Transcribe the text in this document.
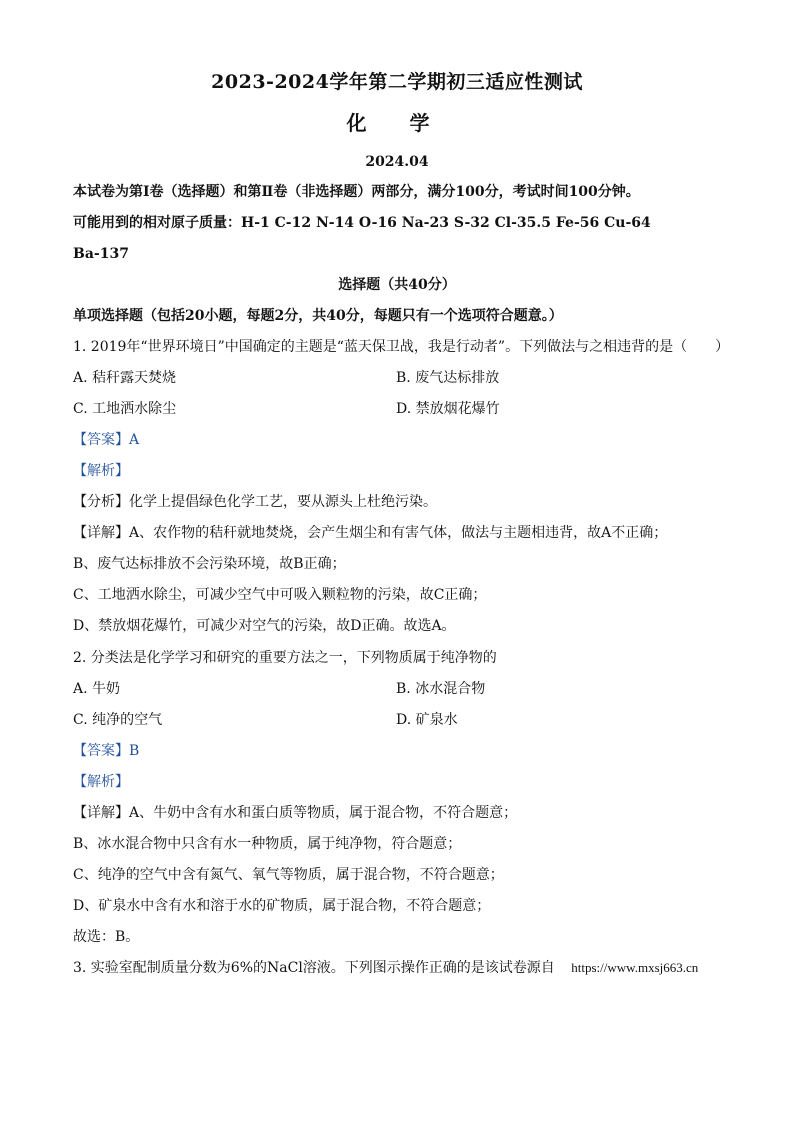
2023-2024学年第二学期初三适应性测试
化 学
2024.04
本试卷为第Ⅰ卷（选择题）和第Ⅱ卷（非选择题）两部分，满分100分，考试时间100分钟。
可能用到的相对原子质量：H-1 C-12 N-14 O-16 Na-23 S-32 Cl-35.5 Fe-56 Cu-64
Ba-137
选择题（共40分）
单项选择题（包括20小题，每题2分，共40分，每题只有一个选项符合题意。）
1. 2019年“世界环境日”中国确定的主题是“蓝天保卫战，我是行动者”。下列做法与之相违背的是（　　）
A. 秸秆露天焚烧	B. 废气达标排放
C. 工地洒水除尘	D. 禁放烟花爆竹
【答案】A
【解析】
【分析】化学上提倡绿色化学工艺，要从源头上杜绝污染。
【详解】A、农作物的秸秆就地焚烧，会产生烟尘和有害气体，做法与主题相违背，故A不正确；
B、废气达标排放不会污染环境，故B正确；
C、工地洒水除尘，可减少空气中可吸入颗粒物的污染，故C正确；
D、禁放烟花爆竹，可减少对空气的污染，故D正确。故选A。
2. 分类法是化学学习和研究的重要方法之一，下列物质属于纯净物的
A. 牛奶	B. 冰水混合物
C. 纯净的空气	D. 矿泉水
【答案】B
【解析】
【详解】A、牛奶中含有水和蛋白质等物质，属于混合物，不符合题意；
B、冰水混合物中只含有水一种物质，属于纯净物，符合题意；
C、纯净的空气中含有氮气、氧气等物质，属于混合物，不符合题意；
D、矿泉水中含有水和溶于水的矿物质，属于混合物，不符合题意；
故选：B。
3. 实验室配制质量分数为6%的NaCl溶液。下列图示操作正确的是该试卷源自 https://www.mxsj663.cn
